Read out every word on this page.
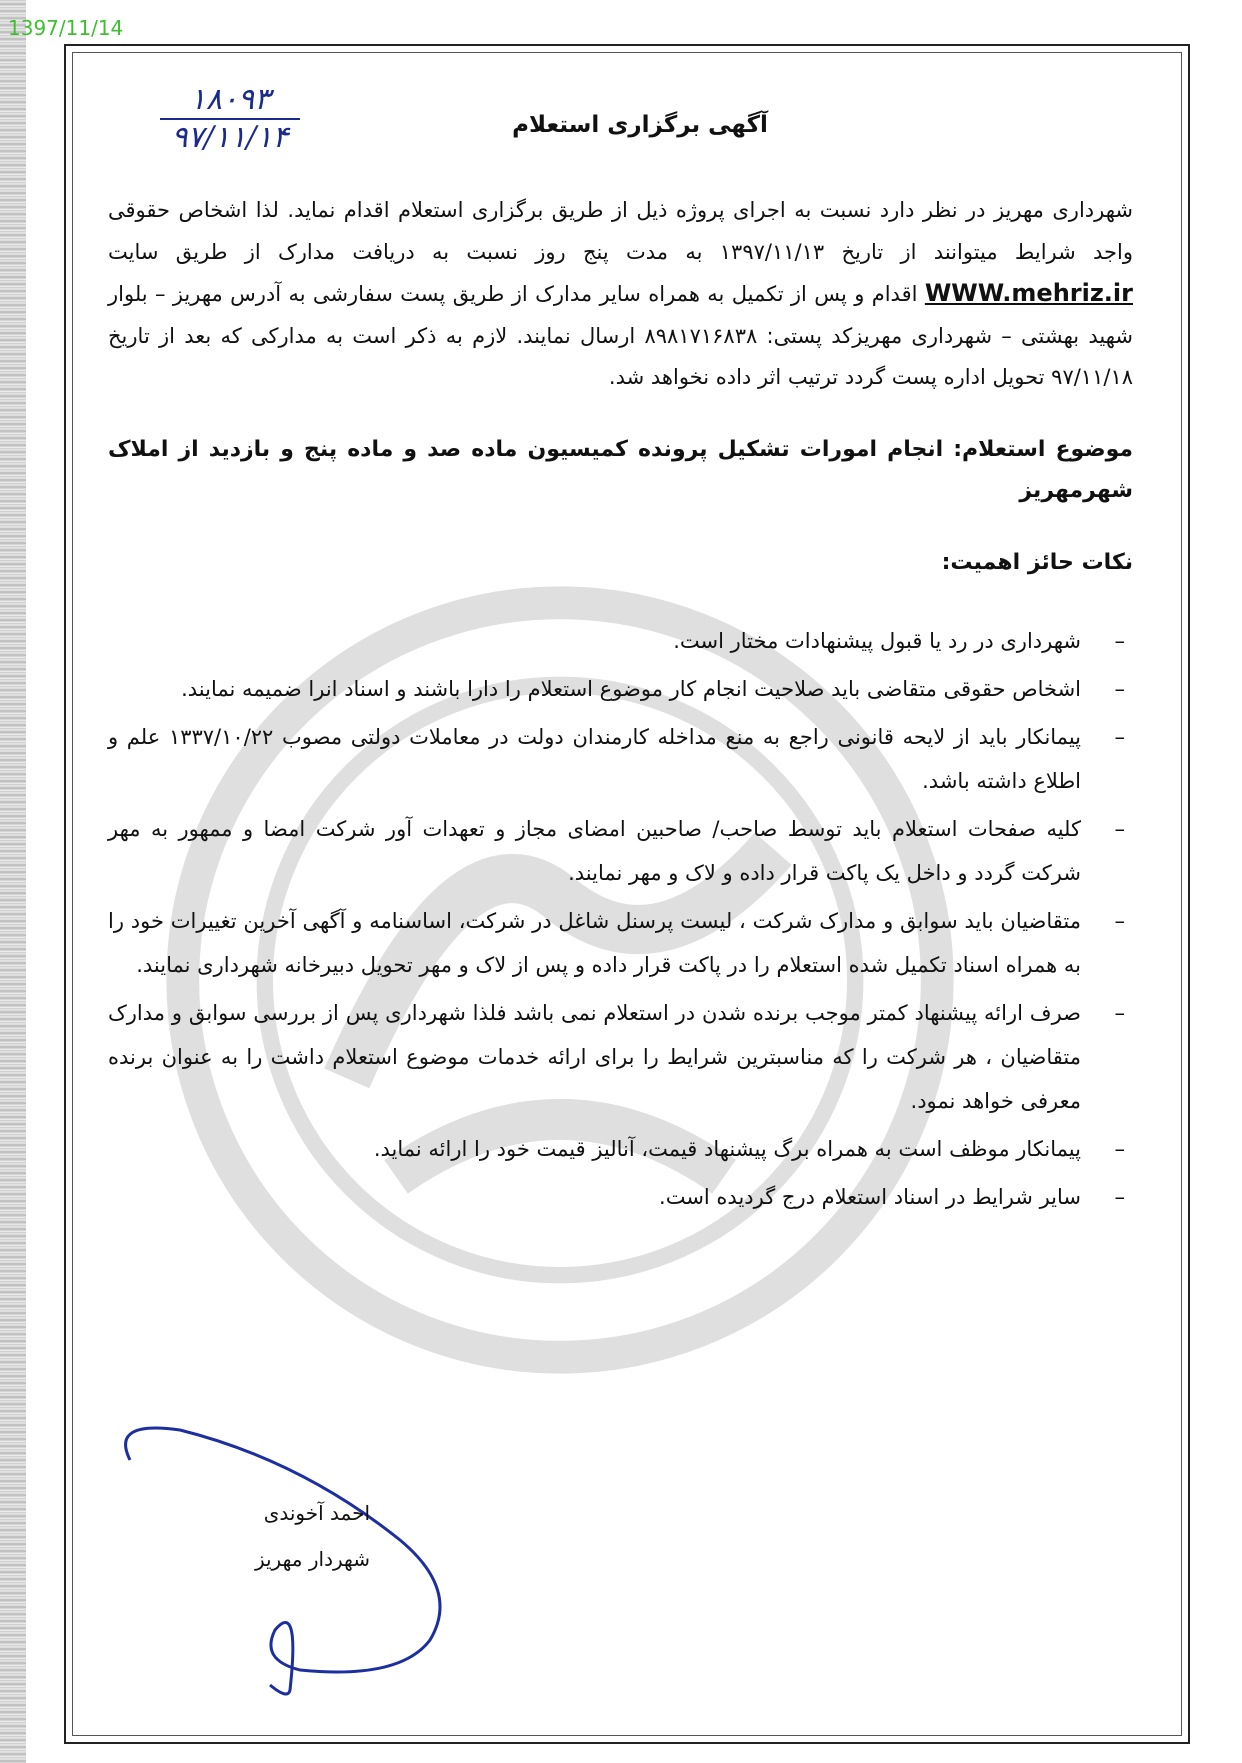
1397/11/14
۱۸۰۹۳
۹۷/۱۱/۱۴	آگهی برگزاری استعلام

شهرداری مهریز در نظر دارد نسبت به اجرای پروژه ذیل از طریق برگزاری استعلام اقدام نماید. لذا اشخاص حقوقی واجد شرایط میتوانند از تاریخ ۱۳۹۷/۱۱/۱۳ به مدت پنج روز نسبت به دریافت مدارک از طریق سایت WWW.mehriz.ir اقدام و پس از تکمیل به همراه سایر مدارک از طریق پست سفارشی به آدرس مهریز – بلوار شهید بهشتی – شهرداری مهریزکد پستی: ۸۹۸۱۷۱۶۸۳۸ ارسال نمایند. لازم به ذکر است به مدارکی که بعد از تاریخ ۹۷/۱۱/۱۸ تحویل اداره پست گردد ترتیب اثر داده نخواهد شد.

موضوع استعلام: انجام امورات تشکیل پرونده کمیسیون ماده صد و ماده پنج و بازدید از املاک شهرمهریز
نکات حائز اهمیت:
– شهرداری در رد یا قبول پیشنهادات مختار است.
– اشخاص حقوقی متقاضی باید صلاحیت انجام کار موضوع استعلام را دارا باشند و اسناد انرا ضمیمه نمایند.
– پیمانکار باید از لایحه قانونی راجع به منع مداخله کارمندان دولت در معاملات دولتی مصوب ۱۳۳۷/۱۰/۲۲ علم و اطلاع داشته باشد.
– کلیه صفحات استعلام باید توسط صاحب/ صاحبین امضای مجاز و تعهدات آور شرکت امضا و ممهور به مهر شرکت گردد و داخل یک پاکت قرار داده و لاک و مهر نمایند.
– متقاضیان باید سوابق و مدارک شرکت ، لیست پرسنل شاغل در شرکت، اساسنامه و آگهی آخرین تغییرات خود را به همراه اسناد تکمیل شده استعلام را در پاکت قرار داده و پس از لاک و مهر تحویل دبیرخانه شهرداری نمایند.
– صرف ارائه پیشنهاد کمتر موجب برنده شدن در استعلام نمی باشد فلذا شهرداری پس از بررسی سوابق و مدارک متقاضیان ، هر شرکت را که مناسبترین شرایط را برای ارائه خدمات موضوع استعلام داشت را به عنوان برنده معرفی خواهد نمود.
– پیمانکار موظف است به همراه برگ پیشنهاد قیمت، آنالیز قیمت خود را ارائه نماید.
– سایر شرایط در اسناد استعلام درج گردیده است.
احمد آخوندی
شهردار مهریز
